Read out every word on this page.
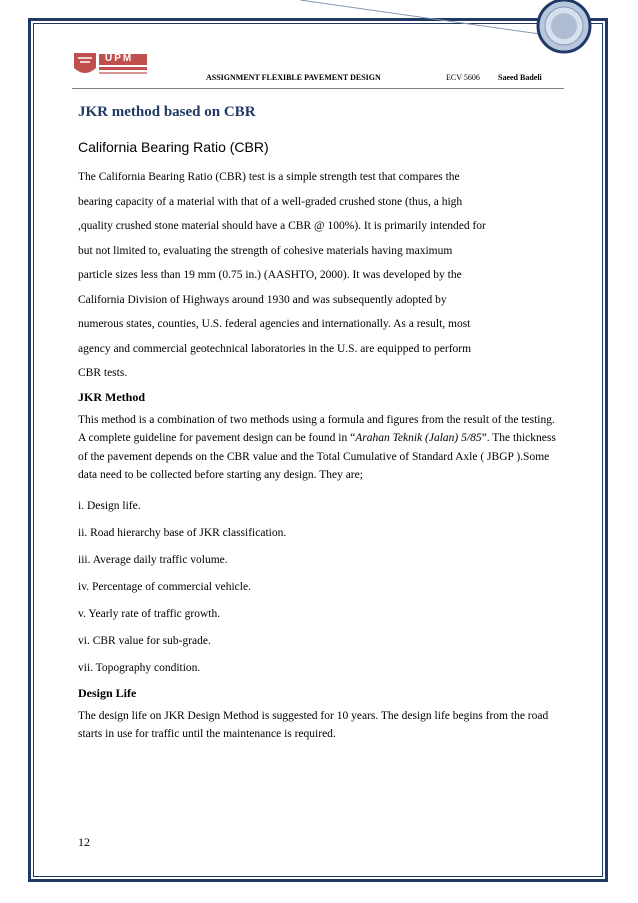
UPM
ASSIGNMENT FLEXIBLE PAVEMENT DESIGN	ECV 5606 Saeed Badeli
JKR method based on CBR
California Bearing Ratio (CBR)

The California Bearing Ratio (CBR) test is a simple strength test that compares the

bearing capacity of a material with that of a well-graded crushed stone (thus, a high

,quality crushed stone material should have a CBR @ 100%). It is primarily intended for

but not limited to, evaluating the strength of cohesive materials having maximum

particle sizes less than 19 mm (0.75 in.) (AASHTO, 2000). It was developed by the

California Division of Highways around 1930 and was subsequently adopted by

numerous states, counties, U.S. federal agencies and internationally. As a result, most

agency and commercial geotechnical laboratories in the U.S. are equipped to perform

CBR tests.

JKR Method

This method is a combination of two methods using a formula and figures from the result of the testing. A complete guideline for pavement design can be found in “Arahan Teknik (Jalan) 5/85”. The thickness of the pavement depends on the CBR value and the Total Cumulative of Standard Axle ( JBGP ).Some data need to be collected before starting any design. They are;

i. Design life.

ii. Road hierarchy base of JKR classification.

iii. Average daily traffic volume.

iv. Percentage of commercial vehicle.

v. Yearly rate of traffic growth.

vi. CBR value for sub-grade.

vii. Topography condition.

Design Life

The design life on JKR Design Method is suggested for 10 years. The design life begins from the road starts in use for traffic until the maintenance is required.

12
